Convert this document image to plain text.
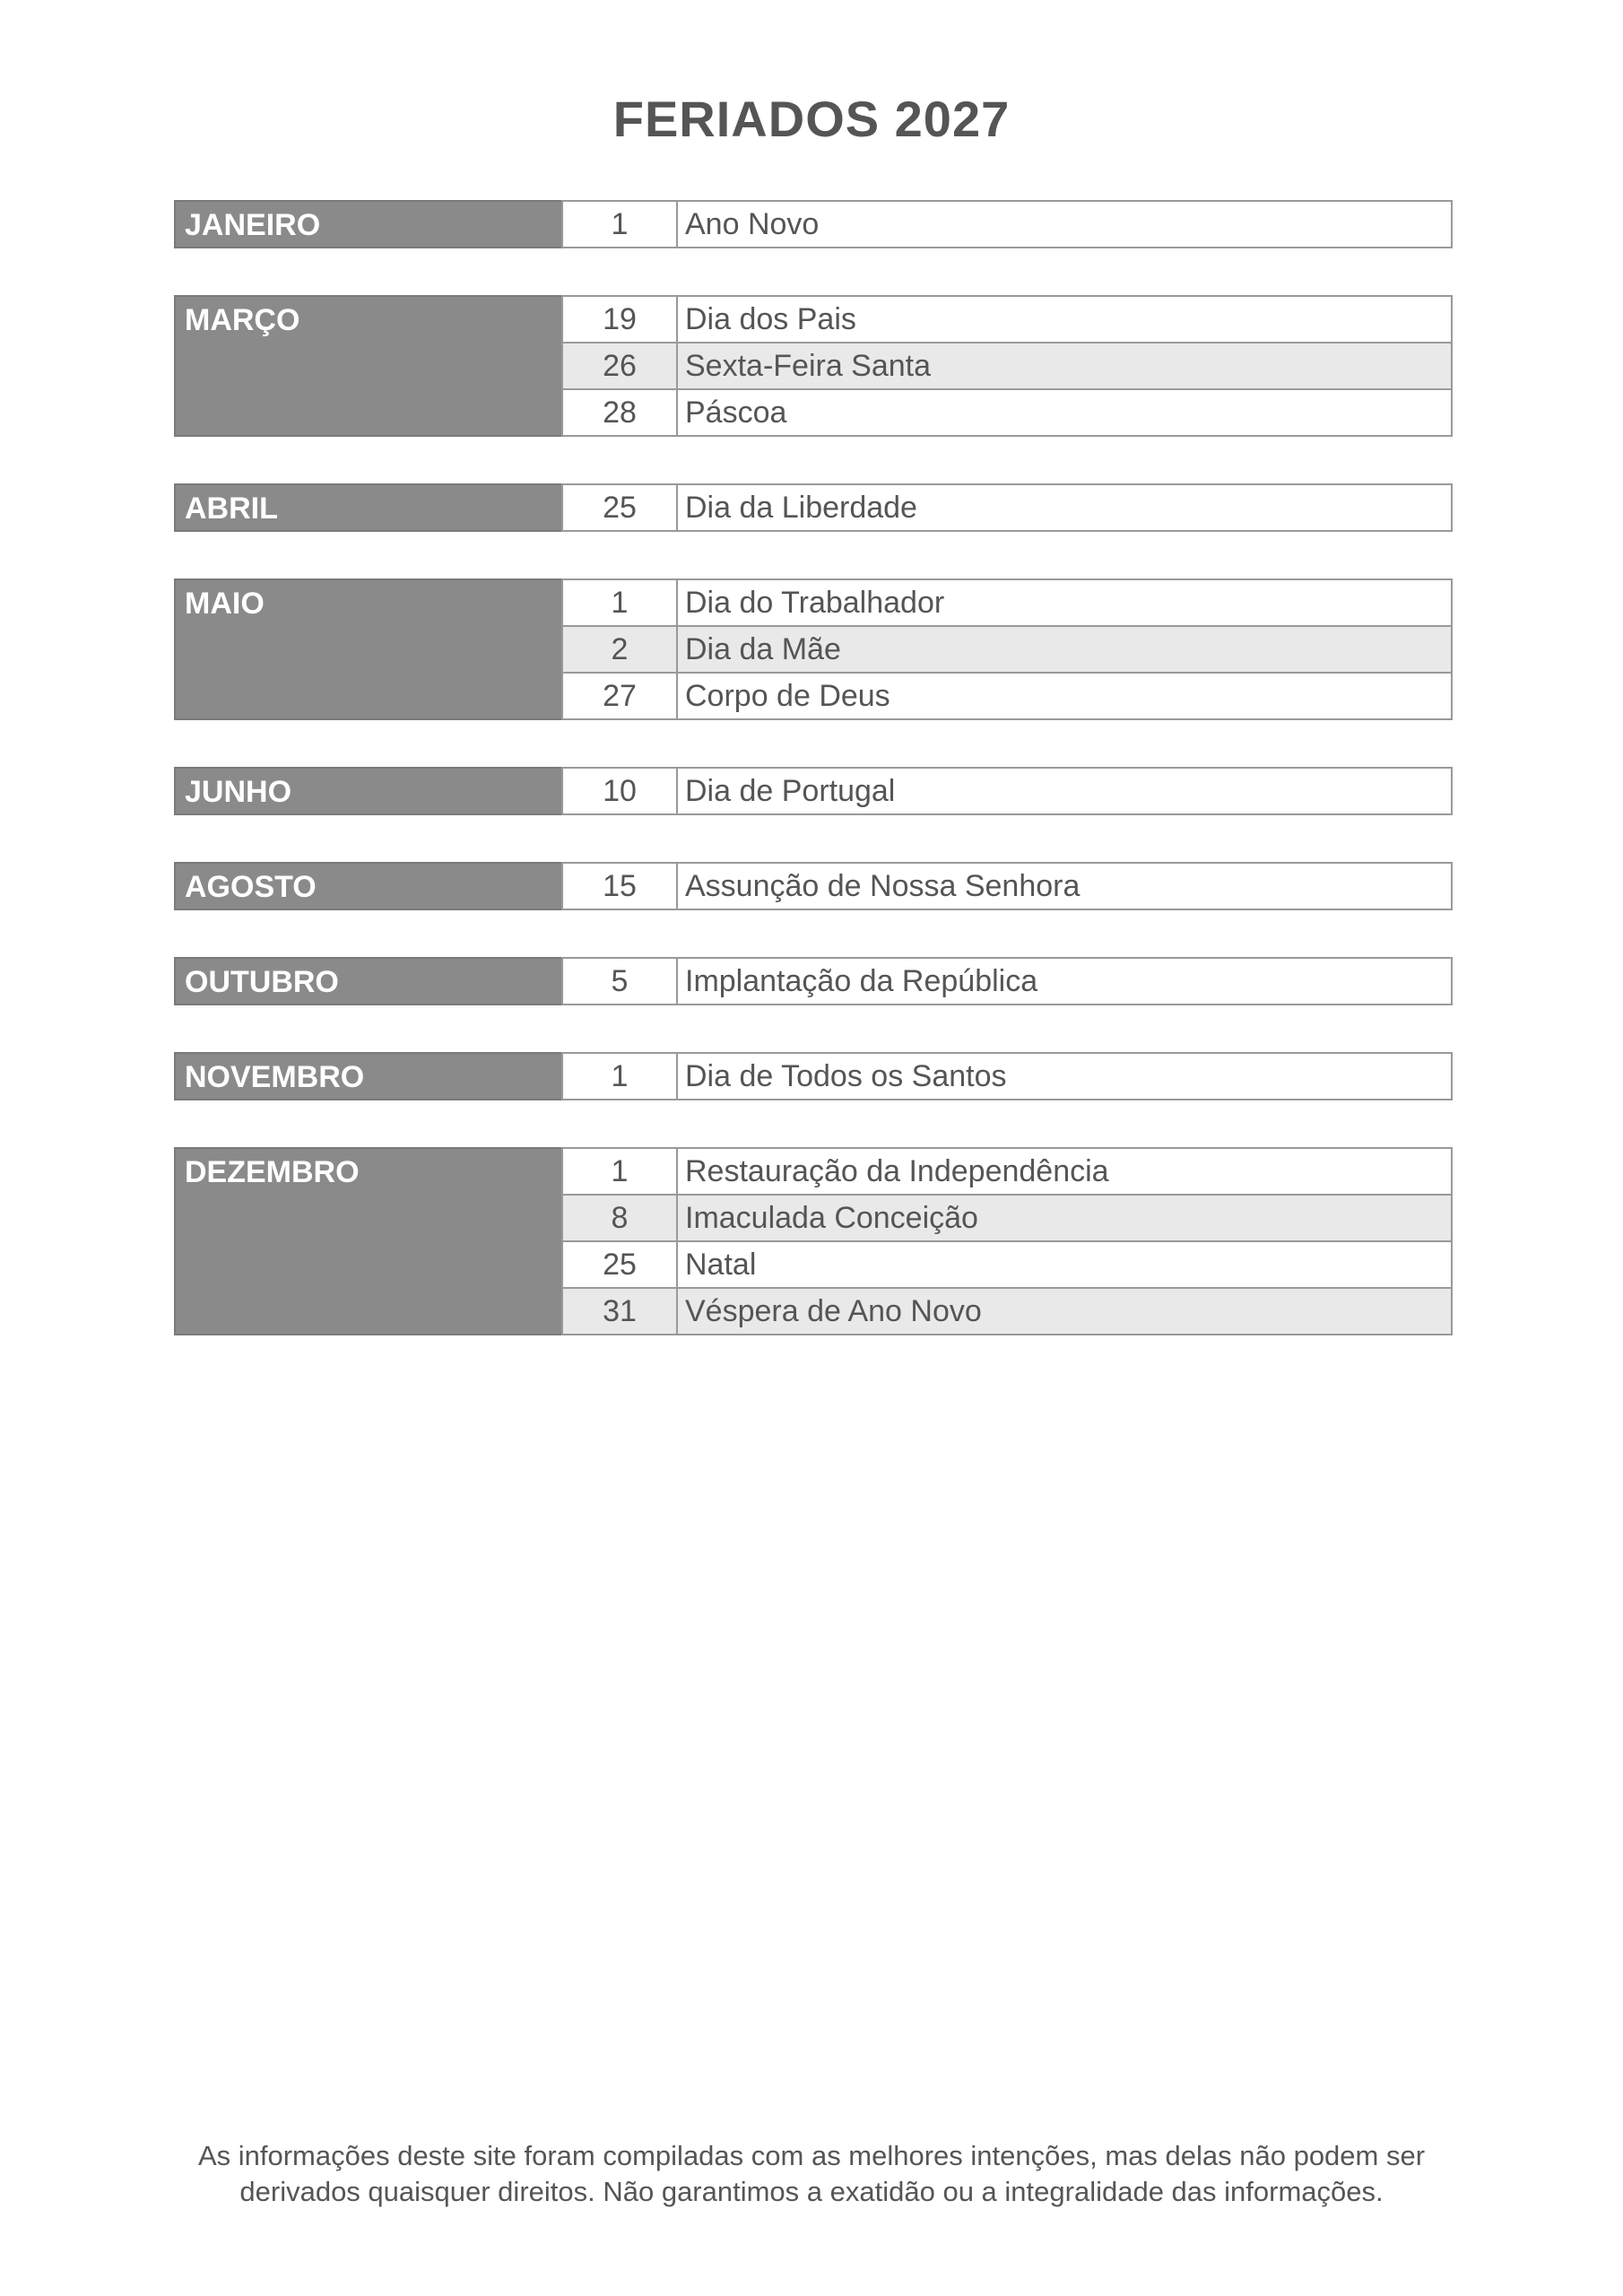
FERIADOS 2027
JANEIRO	1	Ano Novo
MARÇO	19	Dia dos Pais
26	Sexta-Feira Santa
28	Páscoa
ABRIL	25	Dia da Liberdade
MAIO	1	Dia do Trabalhador
2	Dia da Mãe
27	Corpo de Deus
JUNHO	10	Dia de Portugal
AGOSTO	15	Assunção de Nossa Senhora
OUTUBRO	5	Implantação da República
NOVEMBRO	1	Dia de Todos os Santos
DEZEMBRO	1	Restauração da Independência
8	Imaculada Conceição
25	Natal
31	Véspera de Ano Novo
As informações deste site foram compiladas com as melhores intenções, mas delas não podem ser
derivados quaisquer direitos. Não garantimos a exatidão ou a integralidade das informações.
